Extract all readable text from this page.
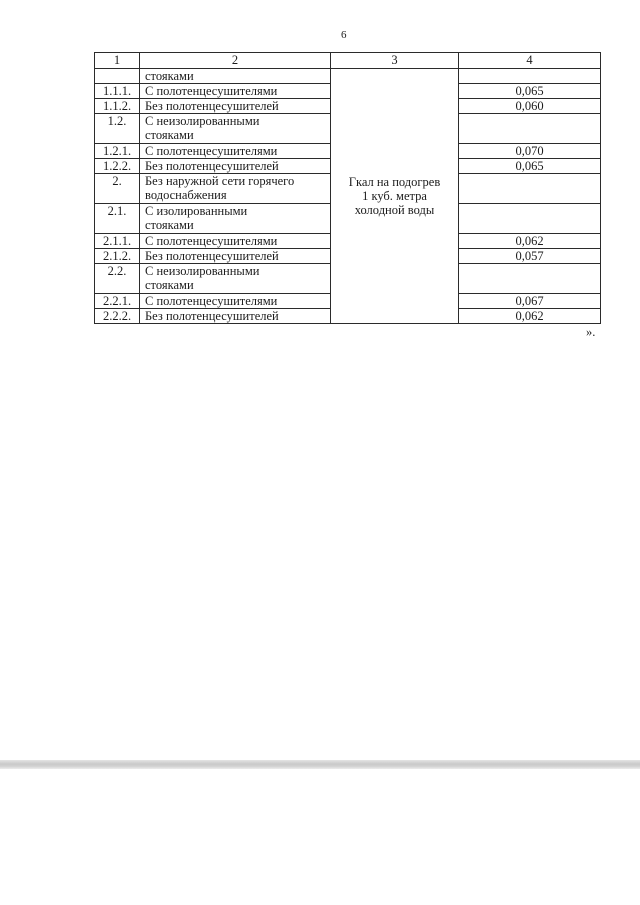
6
1	2	3	4

	стояками	Гкал на подогрев
1 куб. метра
холодной воды	

1.1.1.	С полотенцесушителями		0,065
1.1.2.	Без полотенцесушителей		0,060
1.2.	С неизолированными
стояками		

1.2.1.	С полотенцесушителями		0,070
1.2.2.	Без полотенцесушителей		0,065
2.	Без наружной сети горячего
водоснабжения		

2.1.	С изолированными
стояками		

2.1.1.	С полотенцесушителями		0,062
2.1.2.	Без полотенцесушителей		0,057
2.2.	С неизолированными
стояками		

2.2.1.	С полотенцесушителями		0,067
2.2.2.	Без полотенцесушителей		0,062
».
